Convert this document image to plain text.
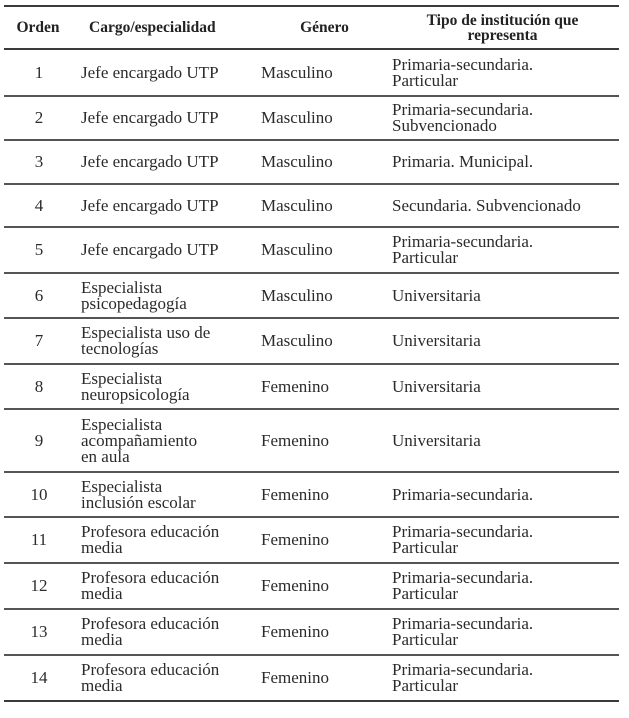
Orden	Cargo/especialidad	Género	Tipo de institución que
representa

1	Jefe encargado UTP	Masculino	Primaria-secundaria.
Particular

2	Jefe encargado UTP	Masculino	Primaria-secundaria.
Subvencionado

3	Jefe encargado UTP	Masculino	Primaria. Municipal.

4	Jefe encargado UTP	Masculino	Secundaria. Subvencionado

5	Jefe encargado UTP	Masculino	Primaria-secundaria.
Particular

6	Especialista
psicopedagogía	Masculino	Universitaria

7	Especialista uso de
tecnologías	Masculino	Universitaria

8	Especialista
neuropsicología	Femenino	Universitaria

9	Especialista
acompañamiento
en aula	Femenino	Universitaria

10	Especialista
inclusión escolar	Femenino	Primaria-secundaria.

11	Profesora educación
media	Femenino	Primaria-secundaria.
Particular

12	Profesora educación
media	Femenino	Primaria-secundaria.
Particular

13	Profesora educación
media	Femenino	Primaria-secundaria.
Particular

14	Profesora educación
media	Femenino	Primaria-secundaria.
Particular
